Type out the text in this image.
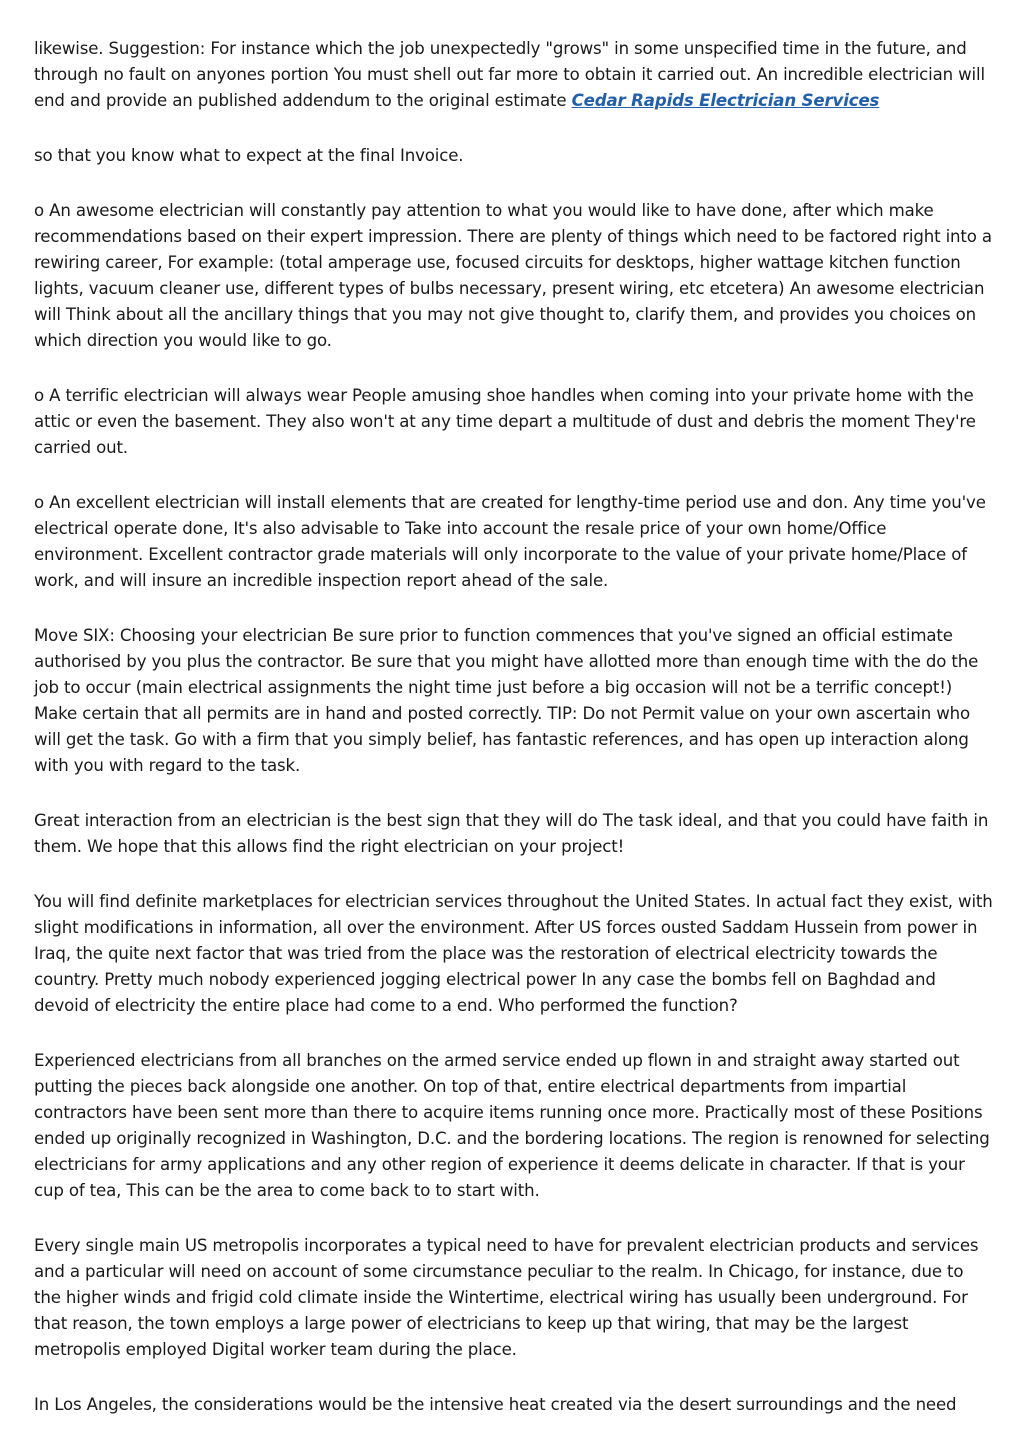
likewise. Suggestion: For instance which the job unexpectedly "grows" in some unspecified time in the future, and through no fault on anyones portion You must shell out far more to obtain it carried out. An incredible electrician will end and provide an published addendum to the original estimate Cedar Rapids Electrician Services

so that you know what to expect at the final Invoice.

o An awesome electrician will constantly pay attention to what you would like to have done, after which make recommendations based on their expert impression. There are plenty of things which need to be factored right into a rewiring career, For example: (total amperage use, focused circuits for desktops, higher wattage kitchen function lights, vacuum cleaner use, different types of bulbs necessary, present wiring, etc etcetera) An awesome electrician will Think about all the ancillary things that you may not give thought to, clarify them, and provides you choices on which direction you would like to go.

o A terrific electrician will always wear People amusing shoe handles when coming into your private home with the attic or even the basement. They also won't at any time depart a multitude of dust and debris the moment They're carried out.

o An excellent electrician will install elements that are created for lengthy-time period use and don. Any time you've electrical operate done, It's also advisable to Take into account the resale price of your own home/Office environment. Excellent contractor grade materials will only incorporate to the value of your private home/Place of work, and will insure an incredible inspection report ahead of the sale.

Move SIX: Choosing your electrician Be sure prior to function commences that you've signed an official estimate authorised by you plus the contractor. Be sure that you might have allotted more than enough time with the do the job to occur (main electrical assignments the night time just before a big occasion will not be a terrific concept!) Make certain that all permits are in hand and posted correctly. TIP: Do not Permit value on your own ascertain who will get the task. Go with a firm that you simply belief, has fantastic references, and has open up interaction along with you with regard to the task.

Great interaction from an electrician is the best sign that they will do The task ideal, and that you could have faith in them. We hope that this allows find the right electrician on your project!

You will find definite marketplaces for electrician services throughout the United States. In actual fact they exist, with slight modifications in information, all over the environment. After US forces ousted Saddam Hussein from power in Iraq, the quite next factor that was tried from the place was the restoration of electrical electricity towards the country. Pretty much nobody experienced jogging electrical power In any case the bombs fell on Baghdad and devoid of electricity the entire place had come to a end. Who performed the function?

Experienced electricians from all branches on the armed service ended up flown in and straight away started out putting the pieces back alongside one another. On top of that, entire electrical departments from impartial contractors have been sent more than there to acquire items running once more. Practically most of these Positions ended up originally recognized in Washington, D.C. and the bordering locations. The region is renowned for selecting electricians for army applications and any other region of experience it deems delicate in character. If that is your cup of tea, This can be the area to come back to to start with.

Every single main US metropolis incorporates a typical need to have for prevalent electrician products and services and a particular will need on account of some circumstance peculiar to the realm. In Chicago, for instance, due to the higher winds and frigid cold climate inside the Wintertime, electrical wiring has usually been underground. For that reason, the town employs a large power of electricians to keep up that wiring, that may be the largest metropolis employed Digital worker team during the place.

In Los Angeles, the considerations would be the intensive heat created via the desert surroundings and the need
